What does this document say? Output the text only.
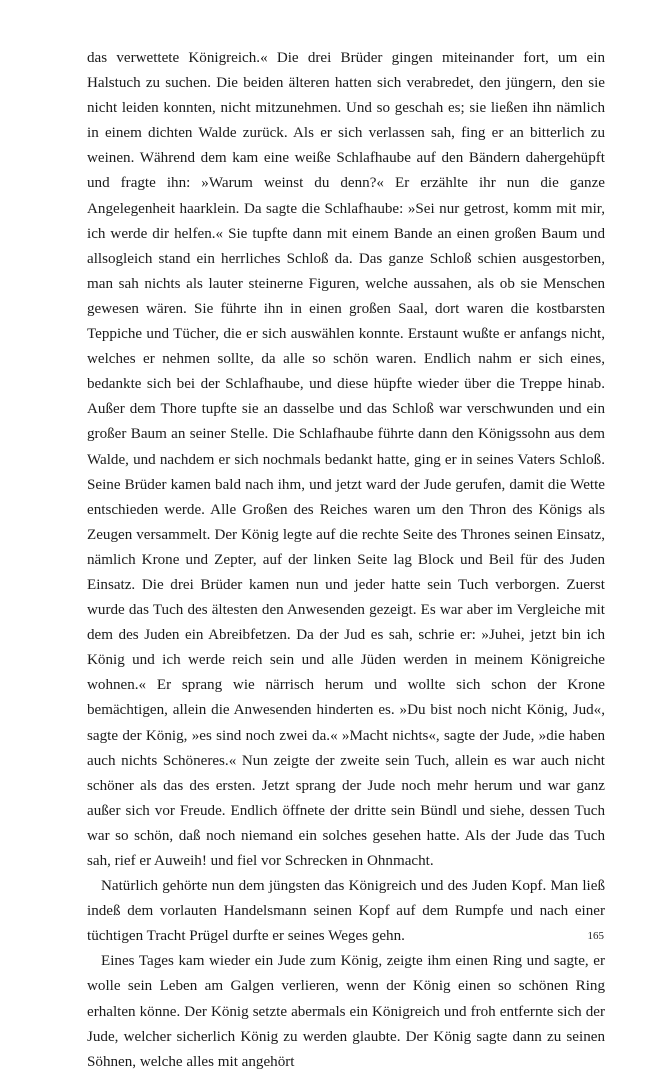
das verwettete Königreich.« Die drei Brüder gingen miteinander fort, um ein Halstuch zu suchen. Die beiden älteren hatten sich verabredet, den jüngern, den sie nicht leiden konnten, nicht mitzunehmen. Und so geschah es; sie ließen ihn nämlich in einem dichten Walde zurück. Als er sich verlassen sah, fing er an bitterlich zu weinen. Während dem kam eine weiße Schlafhaube auf den Bändern dahergehüpft und fragte ihn: »Warum weinst du denn?« Er erzählte ihr nun die ganze Angelegenheit haarklein. Da sagte die Schlafhaube: »Sei nur getrost, komm mit mir, ich werde dir helfen.« Sie tupfte dann mit einem Bande an einen großen Baum und allsogleich stand ein herrliches Schloß da. Das ganze Schloß schien ausgestorben, man sah nichts als lauter steinerne Figuren, welche aussahen, als ob sie Menschen gewesen wären. Sie führte ihn in einen großen Saal, dort waren die kostbarsten Teppiche und Tücher, die er sich auswählen konnte. Erstaunt wußte er anfangs nicht, welches er nehmen sollte, da alle so schön waren. Endlich nahm er sich eines, bedankte sich bei der Schlafhaube, und diese hüpfte wieder über die Treppe hinab. Außer dem Thore tupfte sie an dasselbe und das Schloß war verschwunden und ein großer Baum an seiner Stelle. Die Schlafhaube führte dann den Königssohn aus dem Walde, und nachdem er sich nochmals bedankt hatte, ging er in seines Vaters Schloß. Seine Brüder kamen bald nach ihm, und jetzt ward der Jude gerufen, damit die Wette entschieden werde. Alle Großen des Reiches waren um den Thron des Königs als Zeugen versammelt. Der König legte auf die rechte Seite des Thrones seinen Einsatz, nämlich Krone und Zepter, auf der linken Seite lag Block und Beil für des Juden Einsatz. Die drei Brüder kamen nun und jeder hatte sein Tuch verborgen. Zuerst wurde das Tuch des ältesten den Anwesenden gezeigt. Es war aber im Vergleiche mit dem des Juden ein Abreibfetzen. Da der Jud es sah, schrie er: »Juhei, jetzt bin ich König und ich werde reich sein und alle Jüden werden in meinem Königreiche wohnen.« Er sprang wie närrisch herum und wollte sich schon der Krone bemächtigen, allein die Anwesenden hinderten es. »Du bist noch nicht König, Jud«, sagte der König, »es sind noch zwei da.« »Macht nichts«, sagte der Jude, »die haben auch nichts Schöneres.« Nun zeigte der zweite sein Tuch, allein es war auch nicht schöner als das des ersten. Jetzt sprang der Jude noch mehr herum und war ganz außer sich vor Freude. Endlich öffnete der dritte sein Bündl und siehe, dessen Tuch war so schön, daß noch niemand ein solches gesehen hatte. Als der Jude das Tuch sah, rief er Auweih! und fiel vor Schrecken in Ohnmacht.

Natürlich gehörte nun dem jüngsten das Königreich und des Juden Kopf. Man ließ indeß dem vorlauten Handelsmann seinen Kopf auf dem Rumpfe und nach einer tüchtigen Tracht Prügel durfte er seines Weges gehn.

Eines Tages kam wieder ein Jude zum König, zeigte ihm einen Ring und sagte, er wolle sein Leben am Galgen verlieren, wenn der König einen so schönen Ring erhalten könne. Der König setzte abermals ein Königreich und froh entfernte sich der Jude, welcher sicherlich König zu werden glaubte. Der König sagte dann zu seinen Söhnen, welche alles mit angehört

165
